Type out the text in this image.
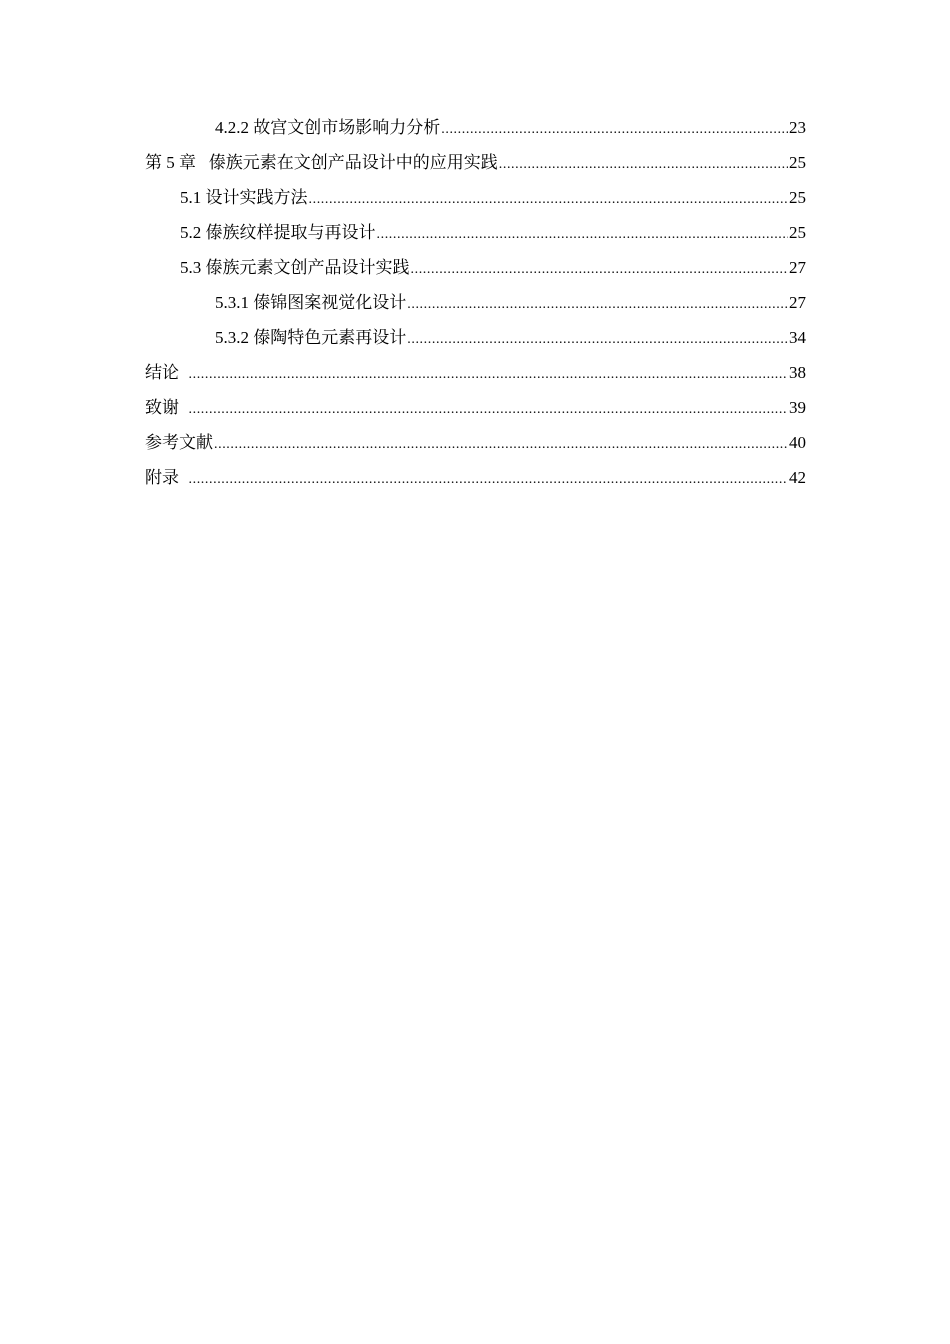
4.2.2 故宫文创市场影响力分析 .....	23
第 5 章   傣族元素在文创产品设计中的应用实践 .....	25
5.1 设计实践方法 .....	25
5.2 傣族纹样提取与再设计 .....	25
5.3 傣族元素文创产品设计实践 .....	27
5.3.1 傣锦图案视觉化设计 .....	27
5.3.2 傣陶特色元素再设计 .....	34
结论 .....	38
致谢 .....	39
参考文献 .....	40
附录 .....	42
